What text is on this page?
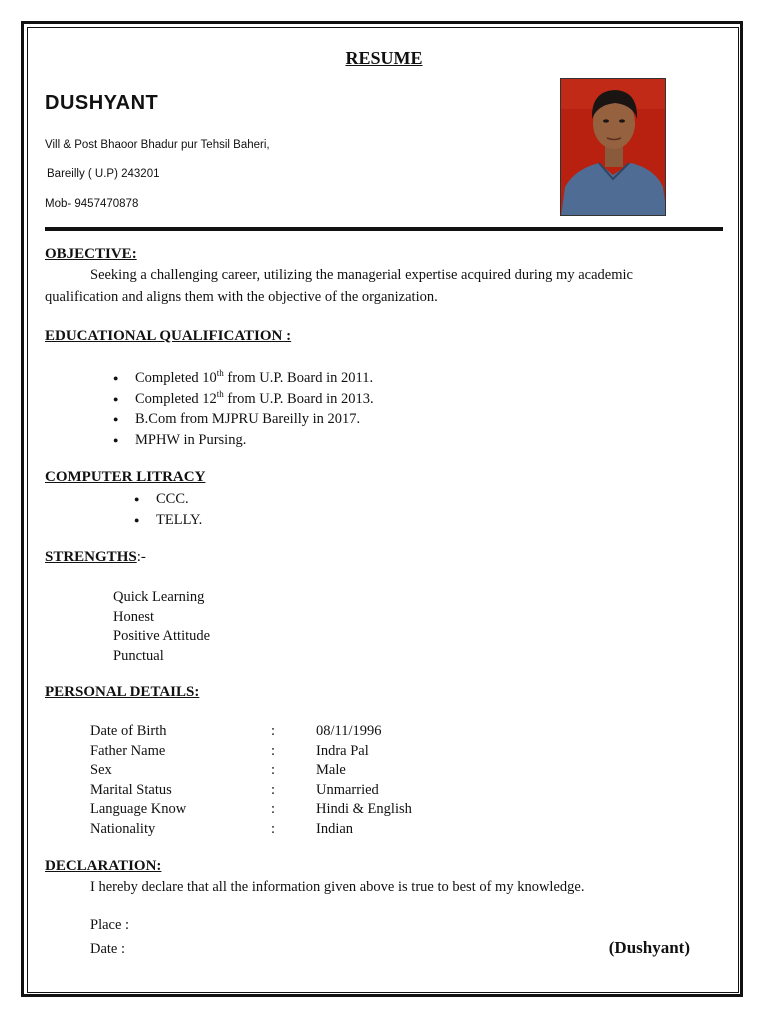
RESUME
DUSHYANT
Vill & Post Bhaoor Bhadur pur Tehsil Baheri,
Bareilly ( U.P) 243201
Mob- 9457470878
OBJECTIVE:
Seeking a challenging career, utilizing the managerial expertise acquired during my academic
qualification and aligns them with the objective of the organization.
EDUCATIONAL QUALIFICATION :
● Completed 10th from U.P. Board in 2011.
● Completed 12th from U.P. Board in 2013.
● B.Com from MJPRU Bareilly in 2017.
● MPHW in Pursing.
COMPUTER LITRACY
● CCC.
● TELLY.
STRENGTHS:-
Quick Learning
Honest
Positive Attitude
Punctual
PERSONAL DETAILS:
Date of Birth	:	08/11/1996
Father Name	:	Indra Pal
Sex	:	Male
Marital Status	:	Unmarried
Language Know	:	Hindi & English
Nationality	:	Indian
DECLARATION:
I hereby declare that all the information given above is true to best of my knowledge.
Place :
Date :	(Dushyant)
